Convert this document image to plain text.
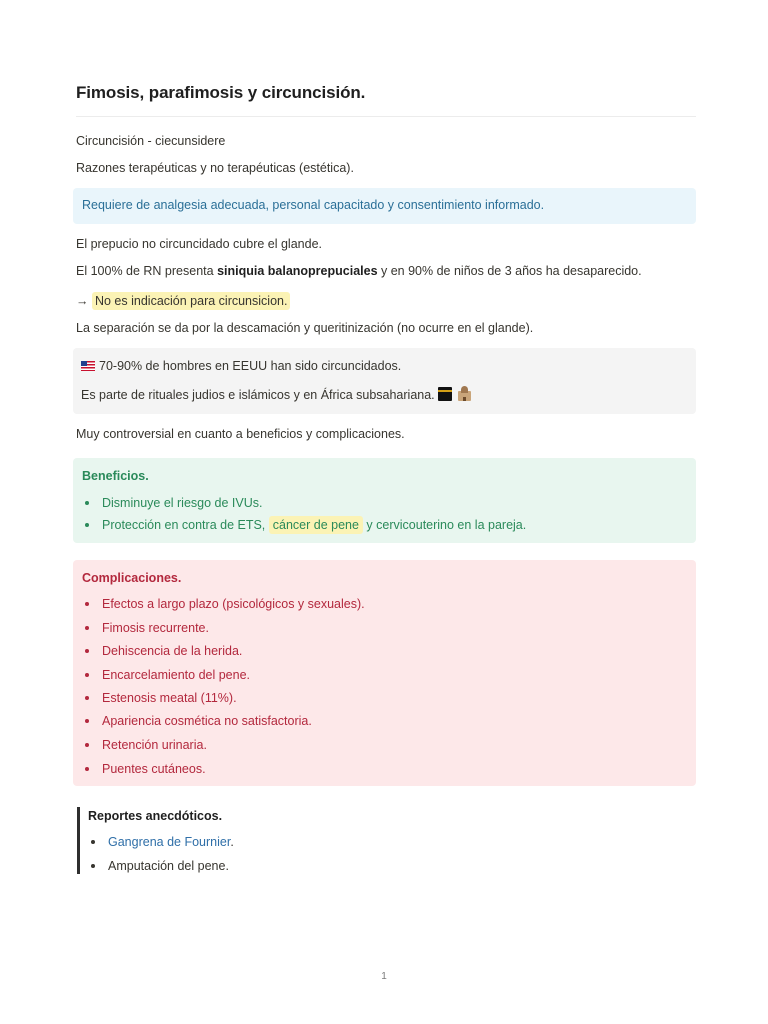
Fimosis, parafimosis y circuncisión.
Circuncisión - ciecunsidere
Razones terapéuticas y no terapéuticas (estética).
Requiere de analgesia adecuada, personal capacitado y consentimiento informado.
El prepucio no circuncidado cubre el glande.
El 100% de RN presenta siniquia balanoprepuciales y en 90% de niños de 3 años ha desaparecido.
→ No es indicación para circunsicion.
La separación se da por la descamación y queritinización (no ocurre en el glande).
70-90% de hombres en EEUU han sido circuncidados.
Es parte de rituales judios e islámicos y en África subsahariana.
Muy controversial en cuanto a beneficios y complicaciones.
Beneficios.
Disminuye el riesgo de IVUs.
Protección en contra de ETS, cáncer de pene y cervicouterino en la pareja.
Complicaciones.
Efectos a largo plazo (psicológicos y sexuales).
Fimosis recurrente.
Dehiscencia de la herida.
Encarcelamiento del pene.
Estenosis meatal (11%).
Apariencia cosmética no satisfactoria.
Retención urinaria.
Puentes cutáneos.
Reportes anecdóticos.
Gangrena de Fournier.
Amputación del pene.
1
